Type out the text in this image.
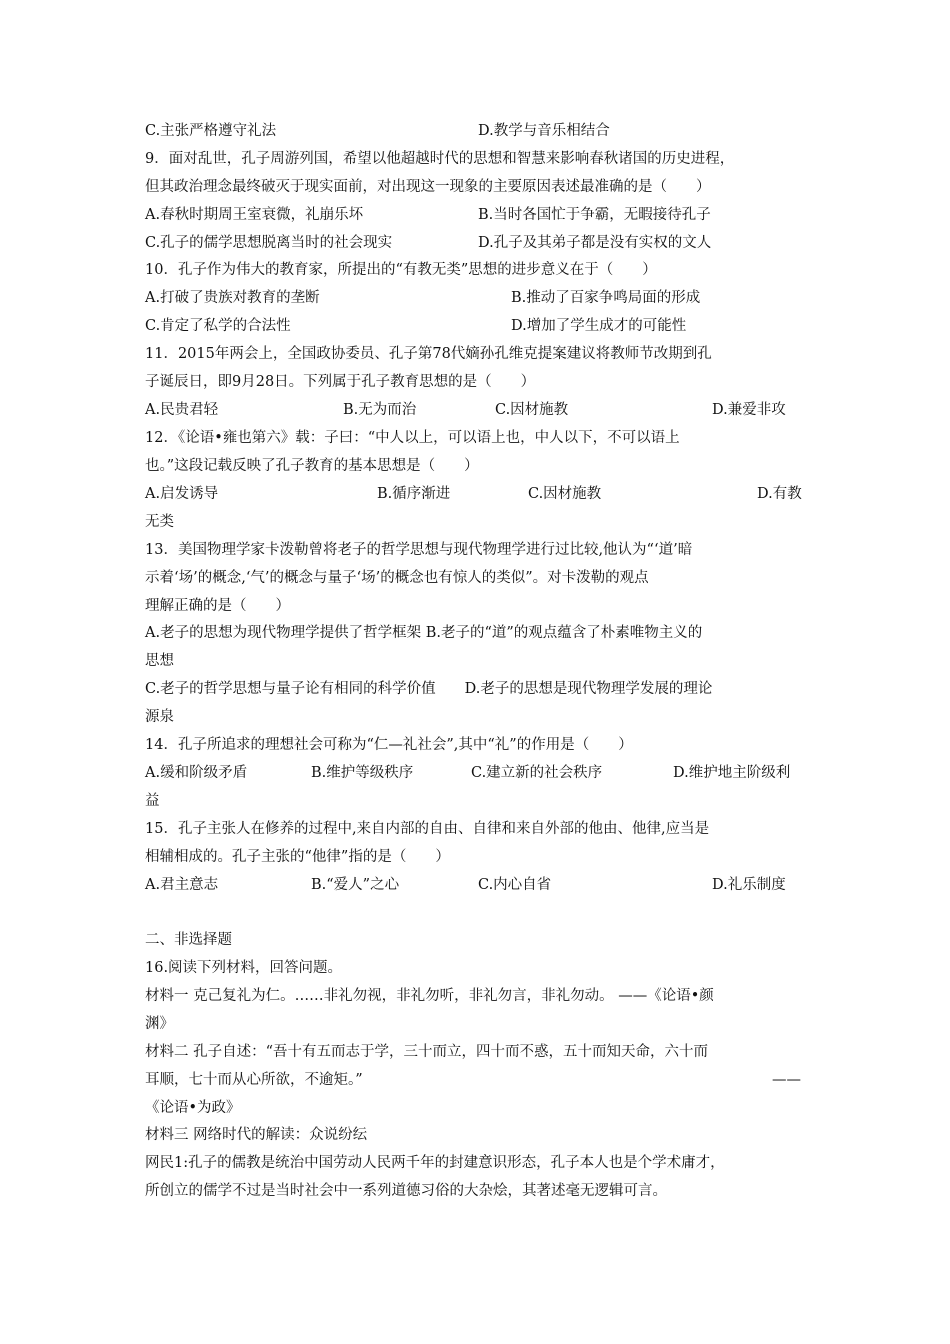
C.主张严格遵守礼法	D.教学与音乐相结合
9．面对乱世，孔子周游列国，希望以他超越时代的思想和智慧来影响春秋诸国的历史进程，
但其政治理念最终破灭于现实面前，对出现这一现象的主要原因表述最准确的是（　　）
A.春秋时期周王室衰微，礼崩乐坏	B.当时各国忙于争霸，无暇接待孔子
C.孔子的儒学思想脱离当时的社会现实	D.孔子及其弟子都是没有实权的文人
10．孔子作为伟大的教育家，所提出的“有教无类”思想的进步意义在于（　　）
A.打破了贵族对教育的垄断	B.推动了百家争鸣局面的形成
C.肯定了私学的合法性	D.增加了学生成才的可能性
11．2015年两会上，全国政协委员、孔子第78代嫡孙孔维克提案建议将教师节改期到孔
子诞辰日，即9月28日。下列属于孔子教育思想的是（　　）
A.民贵君轻	B.无为而治	C.因材施教	D.兼爱非攻
12．《论语•雍也第六》载：子曰：“中人以上，可以语上也，中人以下，不可以语上
也。”这段记载反映了孔子教育的基本思想是（　　）
A.启发诱导	B.循序渐进	C.因材施教	D.有教
无类
13．美国物理学家卡泼勒曾将老子的哲学思想与现代物理学进行过比较,他认为“‘道’暗
示着‘场’的概念,‘气’的概念与量子‘场’的概念也有惊人的类似”。对卡泼勒的观点
理解正确的是（　　）
A.老子的思想为现代物理学提供了哲学框架 B.老子的“道”的观点蕴含了朴素唯物主义的
思想
C.老子的哲学思想与量子论有相同的科学价值　　D.老子的思想是现代物理学发展的理论
源泉
14．孔子所追求的理想社会可称为“仁—礼社会”,其中“礼”的作用是（　　）
A.缓和阶级矛盾	B.维护等级秩序	C.建立新的社会秩序	D.维护地主阶级利
益
15．孔子主张人在修养的过程中,来自内部的自由、自律和来自外部的他由、他律,应当是
相辅相成的。孔子主张的“他律”指的是（　　）
A.君主意志	B.“爱人”之心	C.内心自省	D.礼乐制度
二、非选择题
16.阅读下列材料，回答问题。
材料一 克己复礼为仁。……非礼勿视，非礼勿听，非礼勿言，非礼勿动。 ——《论语•颜
渊》
材料二 孔子自述：“吾十有五而志于学，三十而立，四十而不惑，五十而知天命，六十而
耳顺，七十而从心所欲，不逾矩。”	——
《论语•为政》
材料三 网络时代的解读：众说纷纭
网民1:孔子的儒教是统治中国劳动人民两千年的封建意识形态，孔子本人也是个学术庸才，
所创立的儒学不过是当时社会中一系列道德习俗的大杂烩，其著述毫无逻辑可言。
